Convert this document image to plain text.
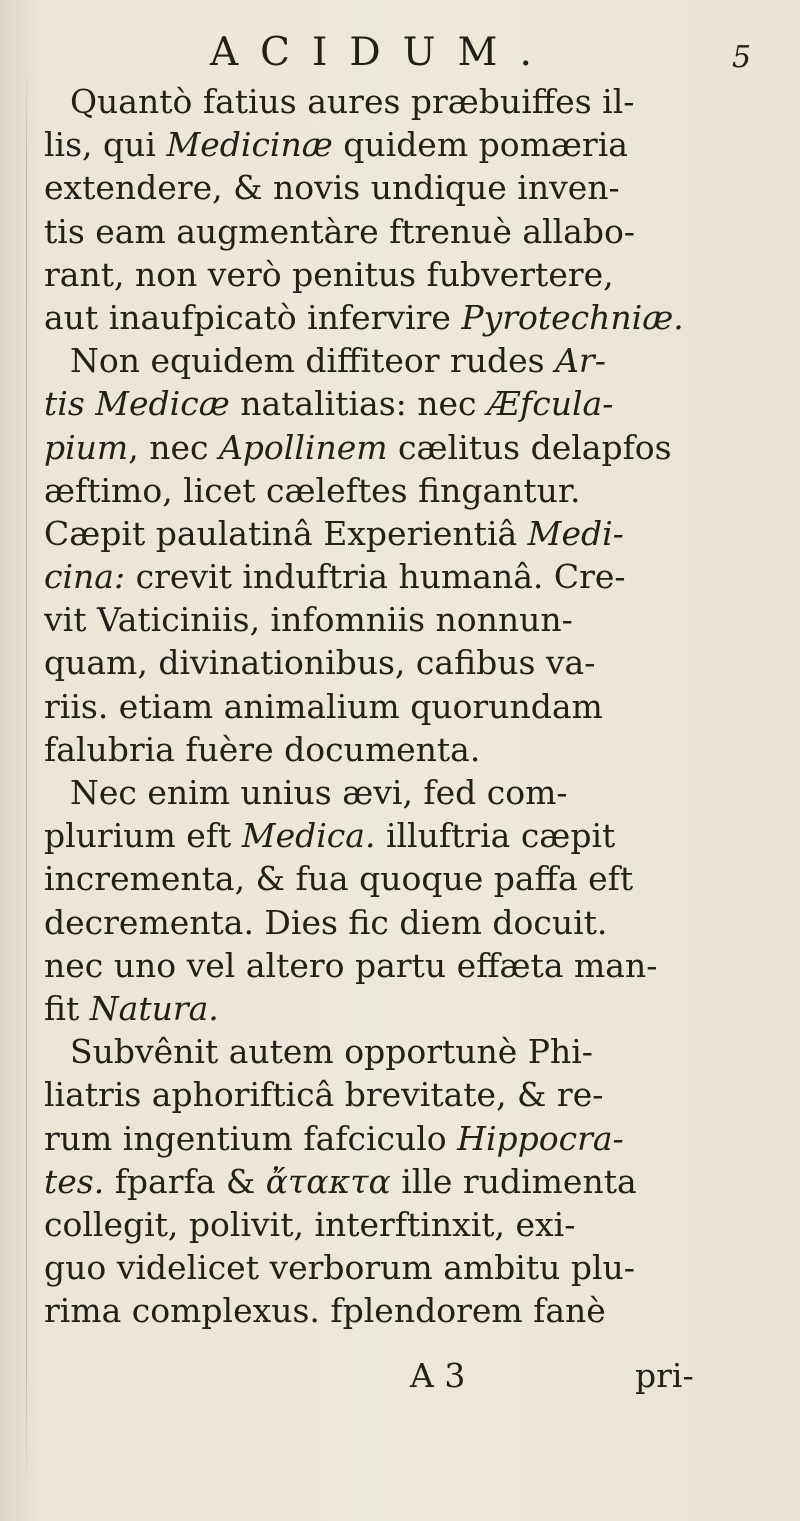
ACIDUM.	5
Quantò fatius aures præbuiffes il-
lis, qui Medicinæ quidem pomæria
extendere, & novis undique inven-
tis eam augmentàre ftrenuè allabo-
rant, non verò penitus fubvertere,
aut inaufpicatò infervire Pyrotechniæ.
Non equidem diffiteor rudes Ar-
tis Medicæ natalitias: nec Æfcula-
pium, nec Apollinem cælitus delapfos
æftimo, licet cæleftes fingantur.
Cæpit paulatinâ Experientiâ Medi-
cina: crevit induftria humanâ. Cre-
vit Vaticiniis, infomniis nonnun-
quam, divinationibus, cafibus va-
riis. etiam animalium quorundam
falubria fuère documenta.
Nec enim unius ævi, fed com-
plurium eft Medica. illuftria cæpit
incrementa, & fua quoque paffa eft
decrementa. Dies fic diem docuit.
nec uno vel altero partu effæta man-
fit Natura.
Subvênit autem opportunè Phi-
liatris aphorifticâ brevitate, & re-
rum ingentium fafciculo Hippocra-
tes. fparfa & ἄτακτα ille rudimenta
collegit, polivit, interftinxit, exi-
guo videlicet verborum ambitu plu-
rima complexus. fplendorem fanè
A 3	pri-
